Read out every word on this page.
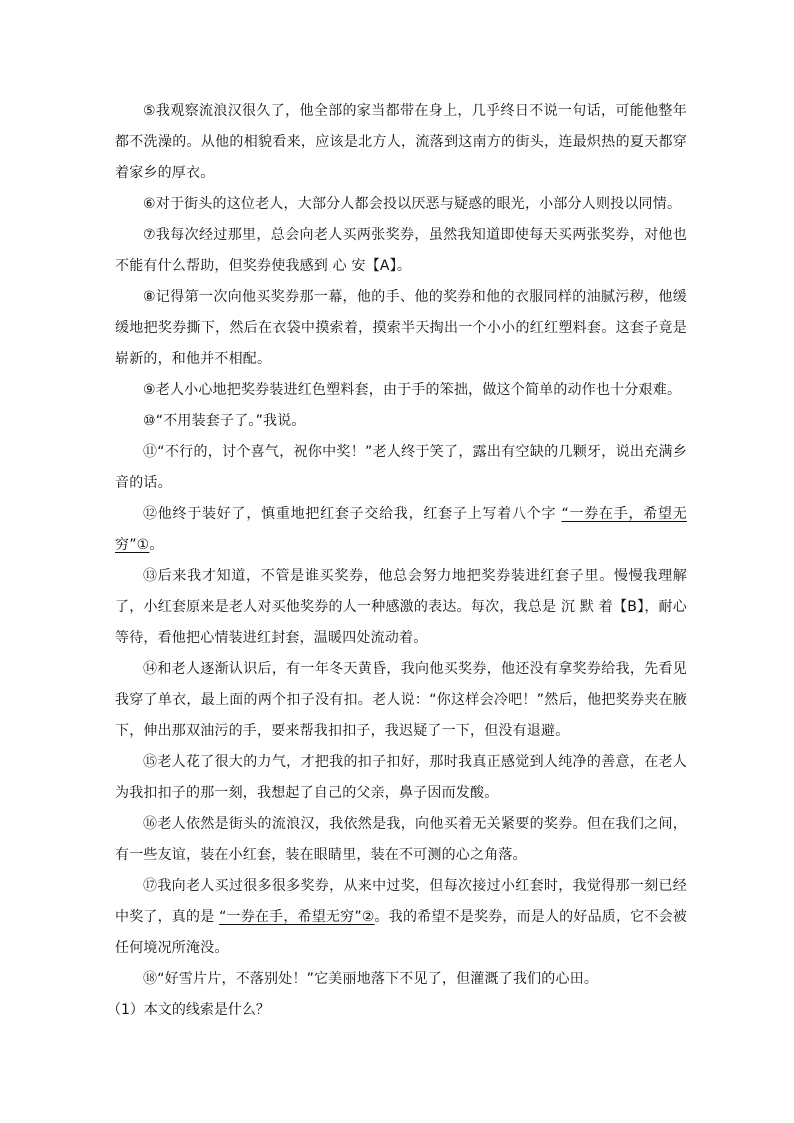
⑤我观察流浪汉很久了，他全部的家当都带在身上，几乎终日不说一句话，可能他整年都不洗澡的。从他的相貌看来，应该是北方人，流落到这南方的街头，连最炽热的夏天都穿着家乡的厚衣。

⑥对于街头的这位老人，大部分人都会投以厌恶与疑惑的眼光，小部分人则投以同情。

⑦我每次经过那里，总会向老人买两张奖券，虽然我知道即使每天买两张奖券，对他也不能有什么帮助，但奖券使我感到 心 安【A】。

⑧记得第一次向他买奖券那一幕，他的手、他的奖券和他的衣服同样的油腻污秽，他缓缓地把奖券撕下，然后在衣袋中摸索着，摸索半天掏出一个小小的红红塑料套。这套子竟是崭新的，和他并不相配。

⑨老人小心地把奖券装进红色塑料套，由于手的笨拙，做这个简单的动作也十分艰难。

⑩“不用装套子了。”我说。

⑪“不行的，讨个喜气，祝你中奖！”老人终于笑了，露出有空缺的几颗牙，说出充满乡音的话。

⑫他终于装好了，慎重地把红套子交给我，红套子上写着八个字 “一券在手，希望无穷”①。

⑬后来我才知道，不管是谁买奖券，他总会努力地把奖券装进红套子里。慢慢我理解了，小红套原来是老人对买他奖券的人一种感激的表达。每次，我总是 沉 默 着【B】，耐心等待，看他把心情装进红封套，温暖四处流动着。

⑭和老人逐渐认识后，有一年冬天黄昏，我向他买奖券，他还没有拿奖券给我，先看见我穿了单衣，最上面的两个扣子没有扣。老人说：“你这样会冷吧！”然后，他把奖券夹在腋下，伸出那双油污的手，要来帮我扣扣子，我迟疑了一下，但没有退避。

⑮老人花了很大的力气，才把我的扣子扣好，那时我真正感觉到人纯净的善意，在老人为我扣扣子的那一刻，我想起了自己的父亲，鼻子因而发酸。

⑯老人依然是街头的流浪汉，我依然是我，向他买着无关紧要的奖券。但在我们之间，有一些友谊，装在小红套，装在眼睛里，装在不可测的心之角落。

⑰我向老人买过很多很多奖券，从来中过奖，但每次接过小红套时，我觉得那一刻已经中奖了，真的是 “一券在手，希望无穷”②。我的希望不是奖券，而是人的好品质，它不会被任何境况所淹没。

⑱“好雪片片，不落别处！”它美丽地落下不见了，但灌溉了我们的心田。

（1）本文的线索是什么？
